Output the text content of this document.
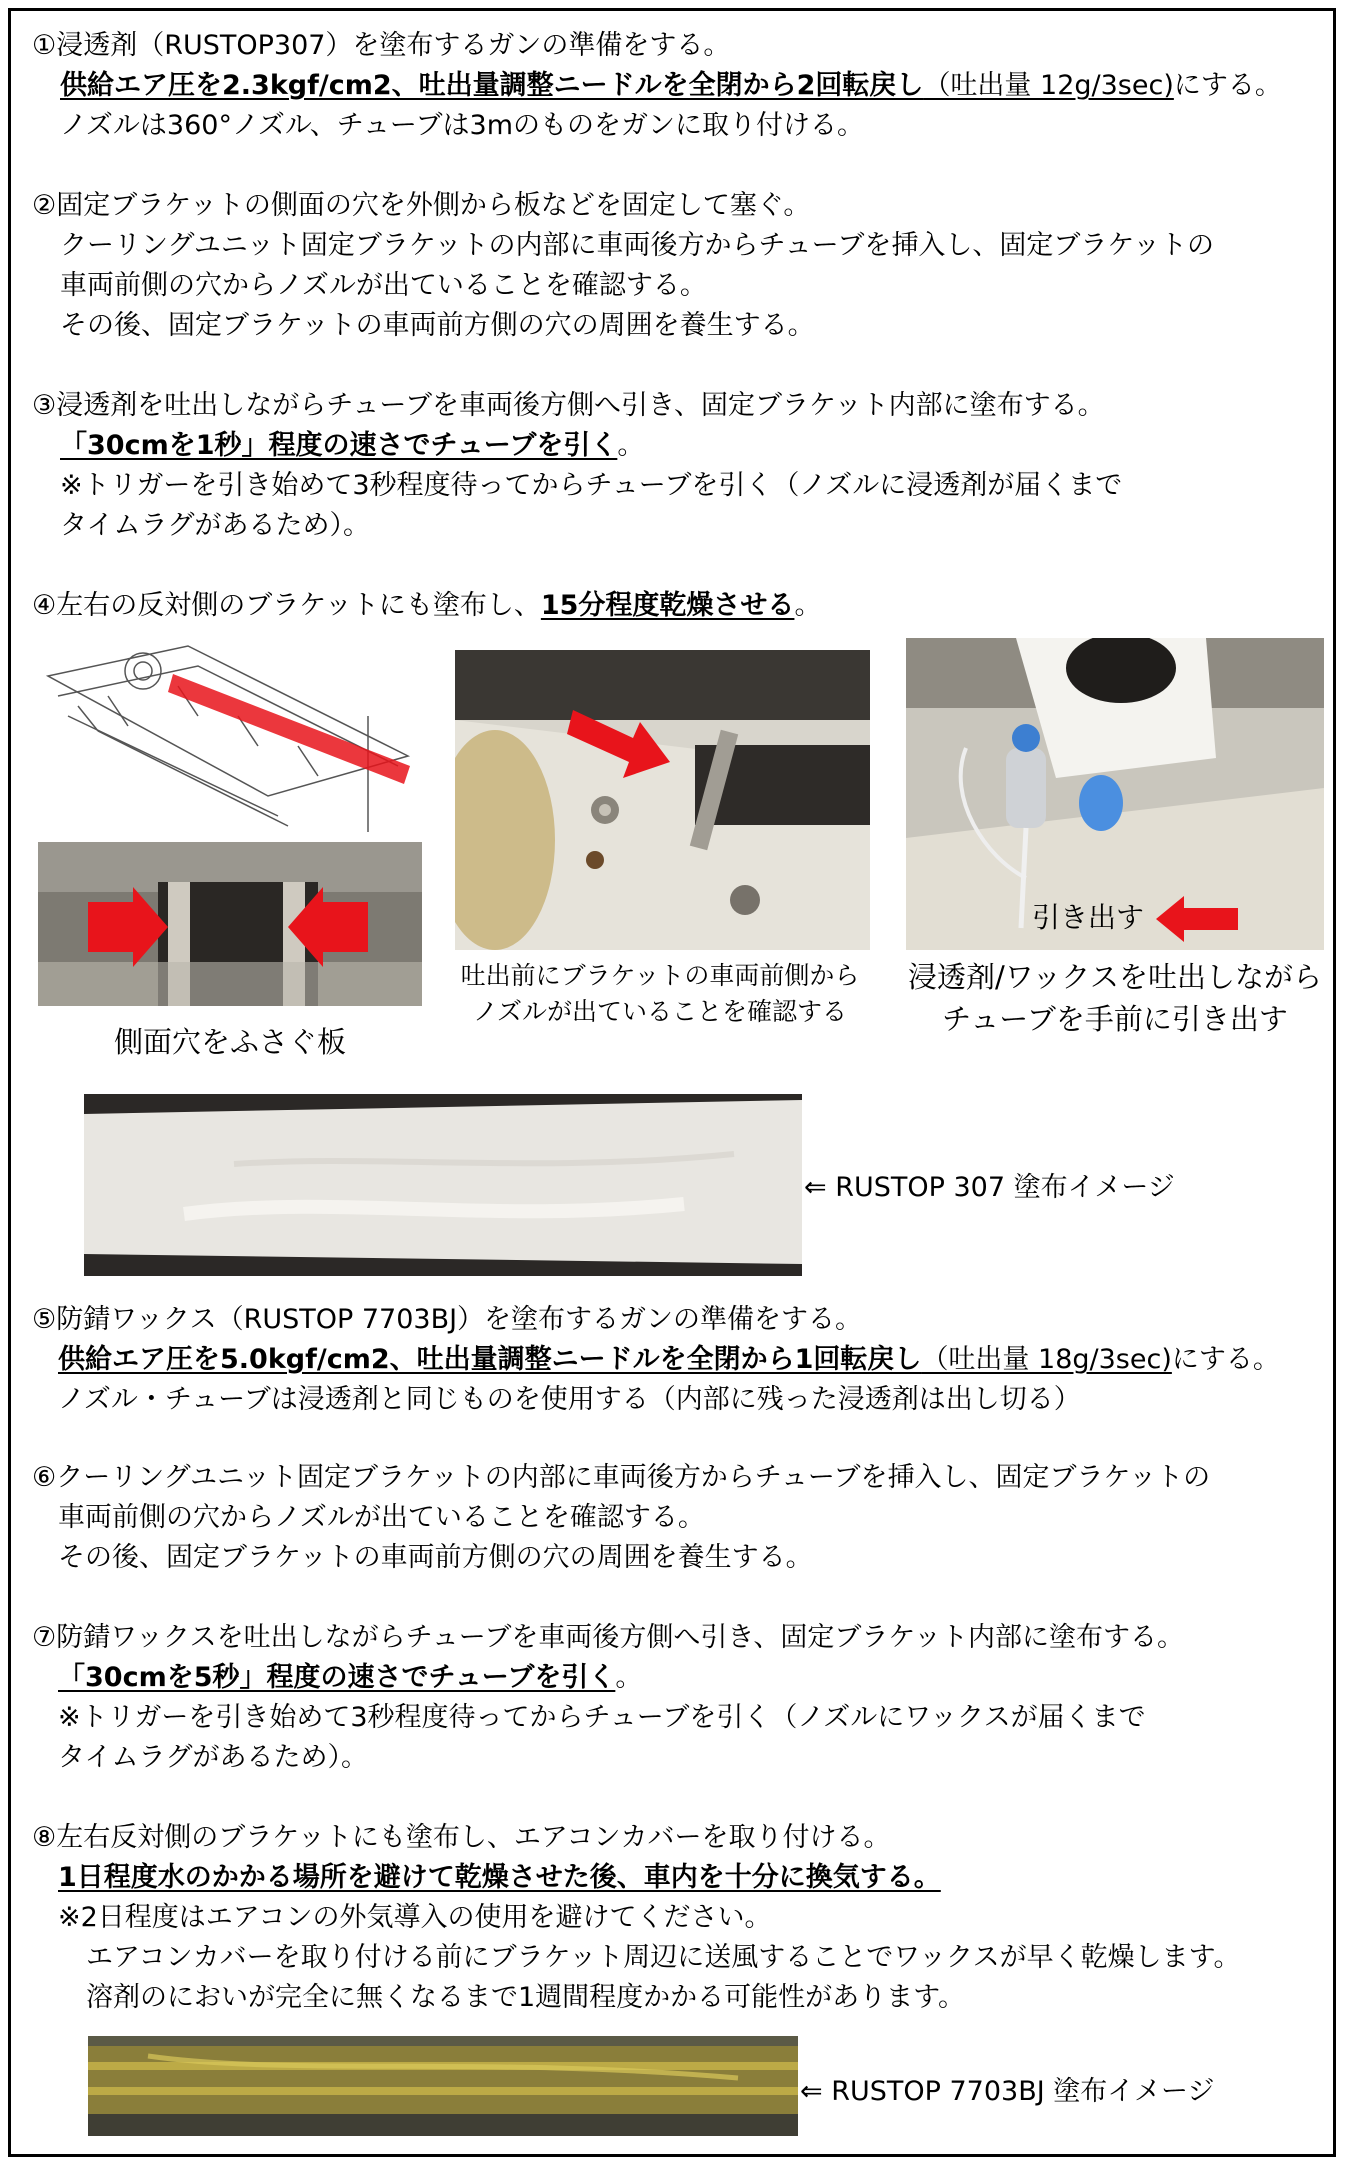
①浸透剤（RUSTOP307）を塗布するガンの準備をする。
供給エア圧を2.3kgf/cm2、吐出量調整ニードルを全閉から2回転戻し（吐出量 12g/3sec)にする。
ノズルは360°ノズル、チューブは3mのものをガンに取り付ける。
②固定ブラケットの側面の穴を外側から板などを固定して塞ぐ。
クーリングユニット固定ブラケットの内部に車両後方からチューブを挿入し、固定ブラケットの
車両前側の穴からノズルが出ていることを確認する。
その後、固定ブラケットの車両前方側の穴の周囲を養生する。
③浸透剤を吐出しながらチューブを車両後方側へ引き、固定ブラケット内部に塗布する。
「30cmを1秒」程度の速さでチューブを引く。
※トリガーを引き始めて3秒程度待ってからチューブを引く（ノズルに浸透剤が届くまで
タイムラグがあるため）。
④左右の反対側のブラケットにも塗布し、15分程度乾燥させる。
側面穴をふさぐ板
吐出前にブラケットの車両前側から
ノズルが出ていることを確認する
引き出す
浸透剤/ワックスを吐出しながら
チューブを手前に引き出す
⇐ RUSTOP 307 塗布イメージ
⑤防錆ワックス（RUSTOP 7703BJ）を塗布するガンの準備をする。
供給エア圧を5.0kgf/cm2、吐出量調整ニードルを全閉から1回転戻し（吐出量 18g/3sec)にする。
ノズル・チューブは浸透剤と同じものを使用する（内部に残った浸透剤は出し切る）
⑥クーリングユニット固定ブラケットの内部に車両後方からチューブを挿入し、固定ブラケットの
車両前側の穴からノズルが出ていることを確認する。
その後、固定ブラケットの車両前方側の穴の周囲を養生する。
⑦防錆ワックスを吐出しながらチューブを車両後方側へ引き、固定ブラケット内部に塗布する。
「30cmを5秒」程度の速さでチューブを引く。
※トリガーを引き始めて3秒程度待ってからチューブを引く（ノズルにワックスが届くまで
タイムラグがあるため）。
⑧左右反対側のブラケットにも塗布し、エアコンカバーを取り付ける。
1日程度水のかかる場所を避けて乾燥させた後、車内を十分に換気する。
※2日程度はエアコンの外気導入の使用を避けてください。
エアコンカバーを取り付ける前にブラケット周辺に送風することでワックスが早く乾燥します。
溶剤のにおいが完全に無くなるまで1週間程度かかる可能性があります。
⇐ RUSTOP 7703BJ 塗布イメージ
